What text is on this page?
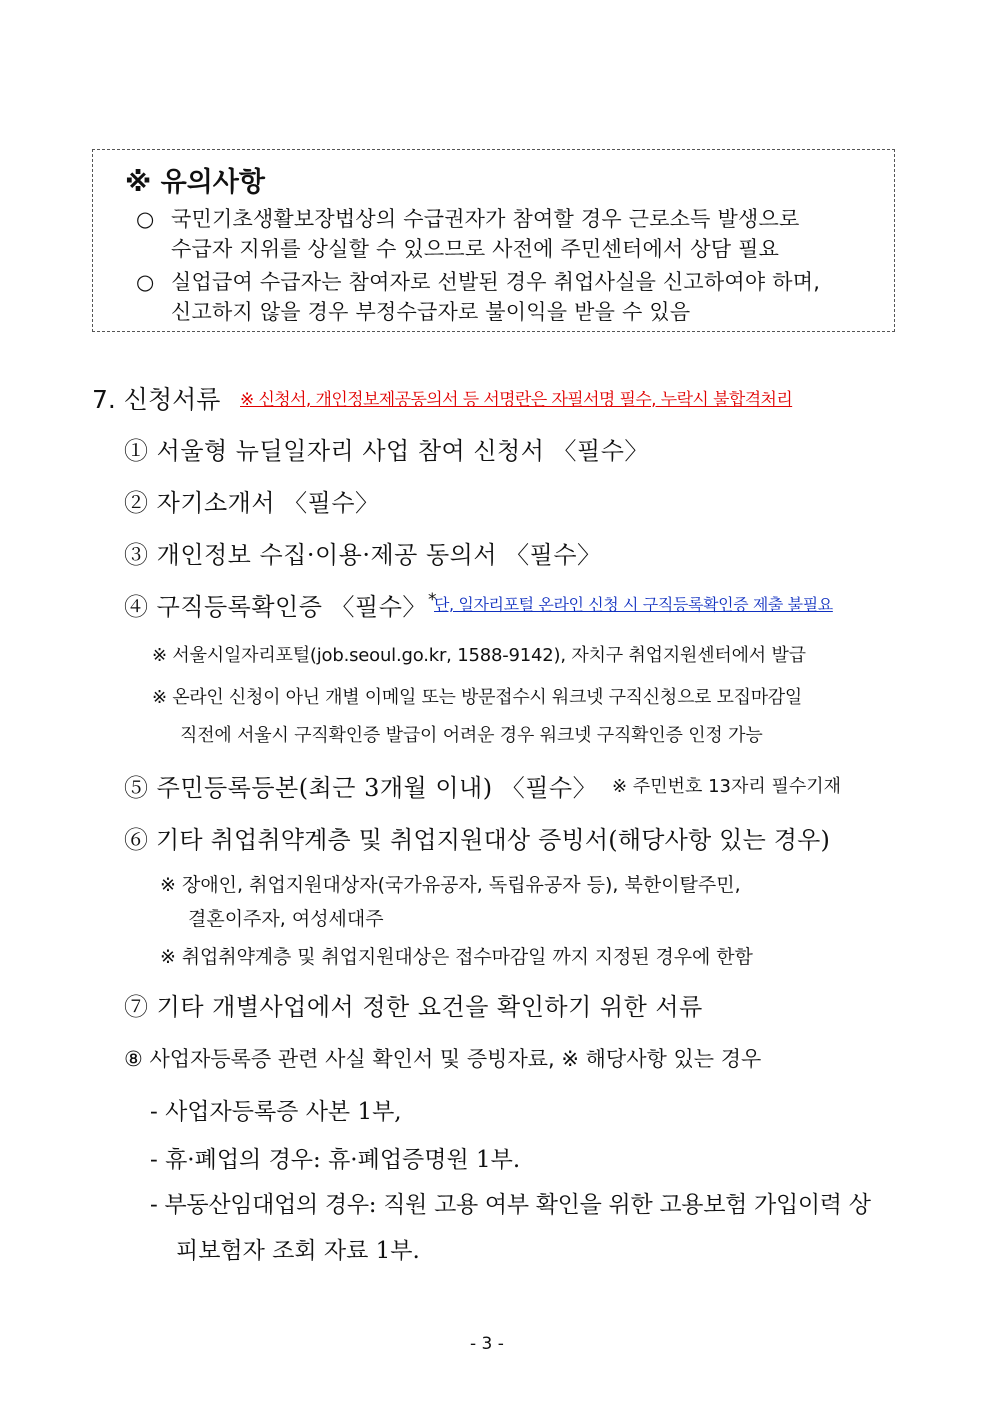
※ 유의사항
○ 국민기초생활보장법상의 수급권자가 참여할 경우 근로소득 발생으로
수급자 지위를 상실할 수 있으므로 사전에 주민센터에서 상담 필요
○ 실업급여 수급자는 참여자로 선발된 경우 취업사실을 신고하여야 하며,
신고하지 않을 경우 부정수급자로 불이익을 받을 수 있음
7. 신청서류 ※ 신청서, 개인정보제공동의서 등 서명란은 자필서명 필수, 누락시 불합격처리
① 서울형 뉴딜일자리 사업 참여 신청서 〈필수〉
② 자기소개서 〈필수〉
③ 개인정보 수집·이용·제공 동의서 〈필수〉
④ 구직등록확인증 〈필수〉 *
단, 일자리포털 온라인 신청 시 구직등록확인증 제출 불필요
※ 서울시일자리포털(job.seoul.go.kr, 1588-9142), 자치구 취업지원센터에서 발급
※ 온라인 신청이 아닌 개별 이메일 또는 방문접수시 워크넷 구직신청으로 모집마감일
직전에 서울시 구직확인증 발급이 어려운 경우 워크넷 구직확인증 인정 가능
⑤ 주민등록등본(최근 3개월 이내) 〈필수〉 ※ 주민번호 13자리 필수기재
⑥ 기타 취업취약계층 및 취업지원대상 증빙서(해당사항 있는 경우)
※ 장애인, 취업지원대상자(국가유공자, 독립유공자 등), 북한이탈주민,
결혼이주자, 여성세대주
※ 취업취약계층 및 취업지원대상은 접수마감일 까지 지정된 경우에 한함
⑦ 기타 개별사업에서 정한 요건을 확인하기 위한 서류
⑧ 사업자등록증 관련 사실 확인서 및 증빙자료, ※ 해당사항 있는 경우
- 사업자등록증 사본 1부,
- 휴·폐업의 경우: 휴·폐업증명원 1부.
- 부동산임대업의 경우: 직원 고용 여부 확인을 위한 고용보험 가입이력 상
피보험자 조회 자료 1부.
- 3 -
